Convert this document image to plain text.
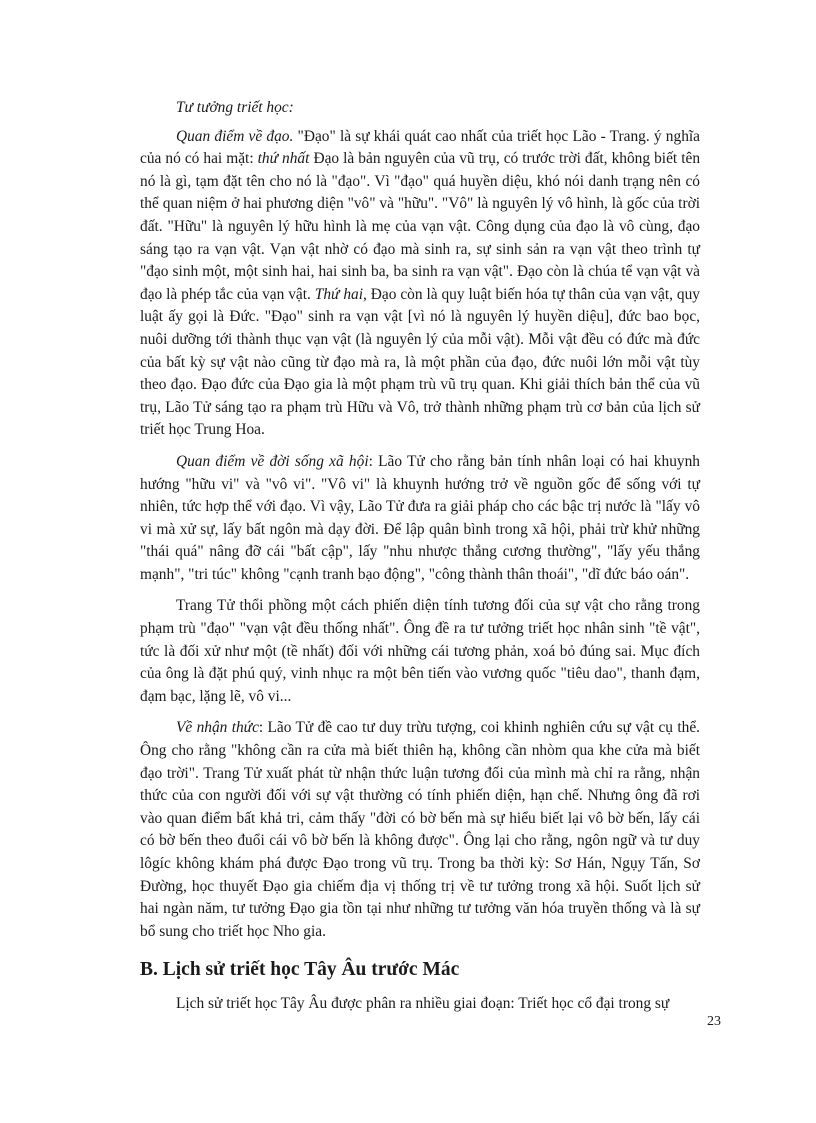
Tư tưởng triết học:

Quan điểm về đạo. "Đạo" là sự khái quát cao nhất của triết học Lão - Trang. ý nghĩa của nó có hai mặt: thứ nhất Đạo là bản nguyên của vũ trụ, có trước trời đất, không biết tên nó là gì, tạm đặt tên cho nó là "đạo". Vì "đạo" quá huyền diệu, khó nói danh trạng nên có thể quan niệm ở hai phương diện "vô" và "hữu". "Vô" là nguyên lý vô hình, là gốc của trời đất. "Hữu" là nguyên lý hữu hình là mẹ của vạn vật. Công dụng của đạo là vô cùng, đạo sáng tạo ra vạn vật. Vạn vật nhờ có đạo mà sinh ra, sự sinh sản ra vạn vật theo trình tự "đạo sinh một, một sinh hai, hai sinh ba, ba sinh ra vạn vật". Đạo còn là chúa tể vạn vật và đạo là phép tắc của vạn vật. Thứ hai, Đạo còn là quy luật biến hóa tự thân của vạn vật, quy luật ấy gọi là Đức. "Đạo" sinh ra vạn vật [vì nó là nguyên lý huyền diệu], đức bao bọc, nuôi dưỡng tới thành thục vạn vật (là nguyên lý của mỗi vật). Mỗi vật đều có đức mà đức của bất kỳ sự vật nào cũng từ đạo mà ra, là một phần của đạo, đức nuôi lớn mỗi vật tùy theo đạo. Đạo đức của Đạo gia là một phạm trù vũ trụ quan. Khi giải thích bản thể của vũ trụ, Lão Tử sáng tạo ra phạm trù Hữu và Vô, trở thành những phạm trù cơ bản của lịch sử triết học Trung Hoa.

Quan điểm về đời sống xã hội: Lão Tử cho rằng bản tính nhân loại có hai khuynh hướng "hữu vi" và "vô vi". "Vô vi" là khuynh hướng trở về nguồn gốc để sống với tự nhiên, tức hợp thể với đạo. Vì vậy, Lão Tử đưa ra giải pháp cho các bậc trị nước là "lấy vô vi mà xử sự, lấy bất ngôn mà dạy đời. Để lập quân bình trong xã hội, phải trừ khử những "thái quá" nâng đỡ cái "bất cập", lấy "nhu nhược thắng cương thường", "lấy yếu thắng mạnh", "tri túc" không "cạnh tranh bạo động", "công thành thân thoái", "dĩ đức báo oán".

Trang Tử thổi phồng một cách phiến diện tính tương đối của sự vật cho rằng trong phạm trù "đạo" "vạn vật đều thống nhất". Ông đề ra tư tưởng triết học nhân sinh "tề vật", tức là đối xử như một (tề nhất) đối với những cái tương phản, xoá bỏ đúng sai. Mục đích của ông là đặt phú quý, vinh nhục ra một bên tiến vào vương quốc "tiêu dao", thanh đạm, đạm bạc, lặng lẽ, vô vi...

Về nhận thức: Lão Tử đề cao tư duy trừu tượng, coi khinh nghiên cứu sự vật cụ thể. Ông cho rằng "không cần ra cửa mà biết thiên hạ, không cần nhòm qua khe cửa mà biết đạo trời". Trang Tử xuất phát từ nhận thức luận tương đối của mình mà chỉ ra rằng, nhận thức của con người đối với sự vật thường có tính phiến diện, hạn chế. Nhưng ông đã rơi vào quan điểm bất khả tri, cảm thấy "đời có bờ bến mà sự hiểu biết lại vô bờ bến, lấy cái có bờ bến theo đuổi cái vô bờ bến là không được". Ông lại cho rằng, ngôn ngữ và tư duy lôgíc không khám phá được Đạo trong vũ trụ. Trong ba thời kỳ: Sơ Hán, Ngụy Tấn, Sơ Đường, học thuyết Đạo gia chiếm địa vị thống trị về tư tưởng trong xã hội. Suốt lịch sử hai ngàn năm, tư tưởng Đạo gia tồn tại như những tư tưởng văn hóa truyền thống và là sự bổ sung cho triết học Nho gia.

B. Lịch sử triết học Tây Âu trước Mác

Lịch sử triết học Tây Âu được phân ra nhiều giai đoạn: Triết học cổ đại trong sự

23
